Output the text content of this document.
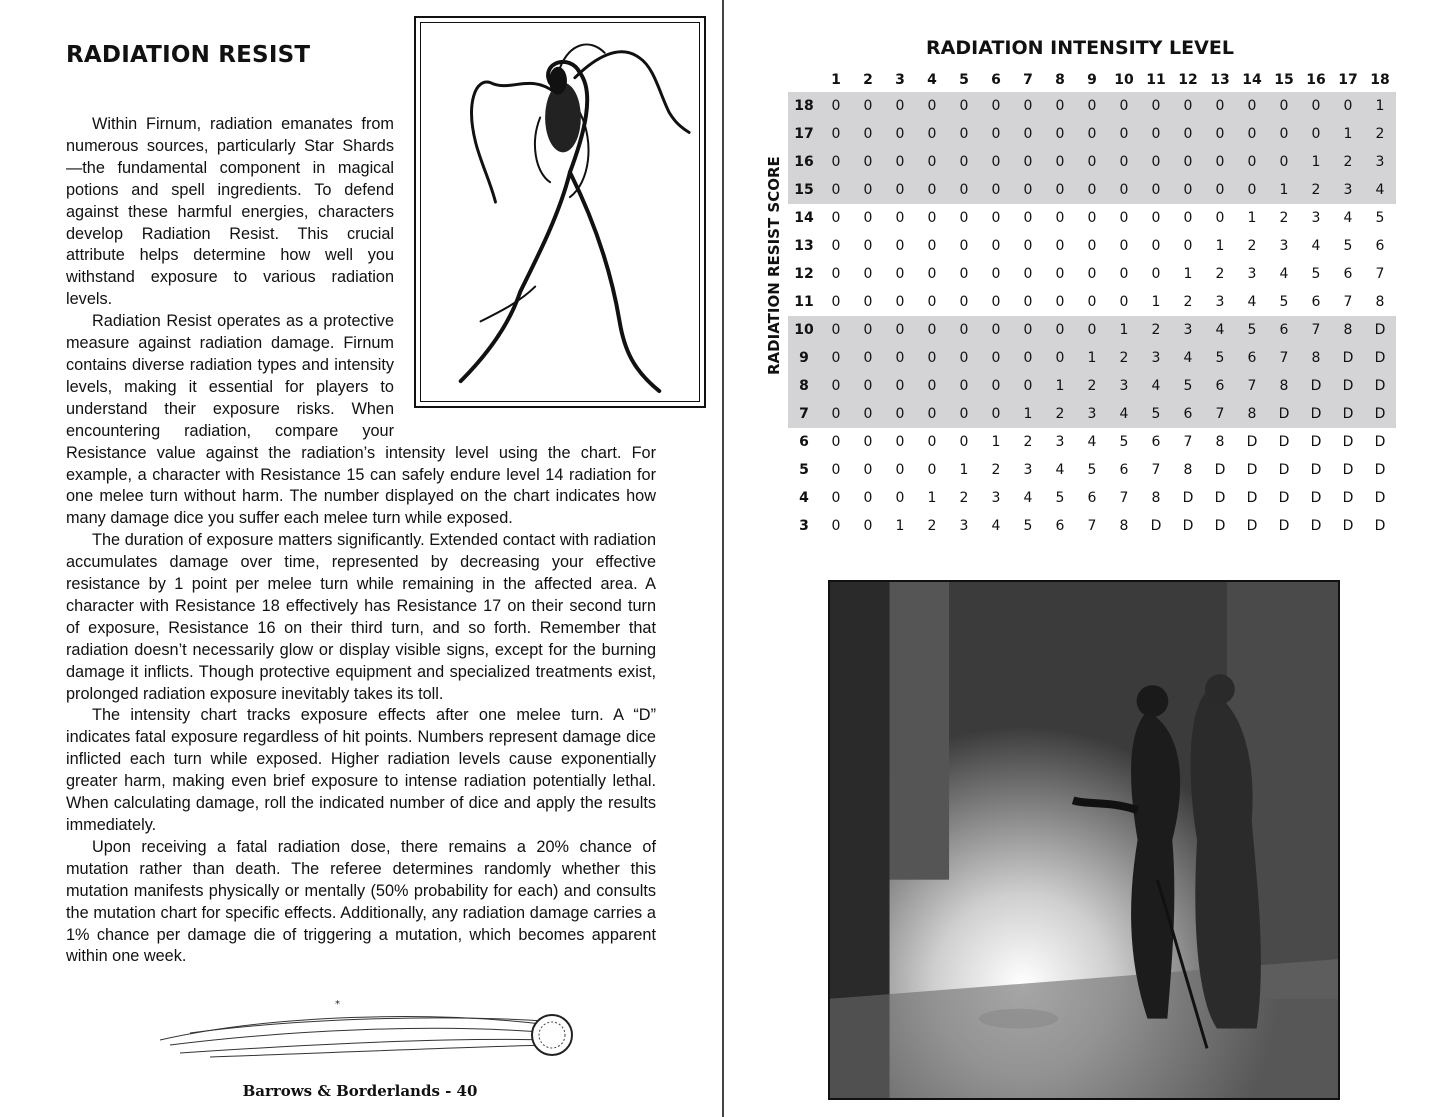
RADIATION RESIST

Within Firnum, radiation emanates from numerous sources, particularly Star Shards—the fundamental component in magical potions and spell ingredients. To defend against these harmful energies, characters develop Radiation Resist. This crucial attribute helps determine how well you withstand exposure to various radiation levels.

Radiation Resist operates as a protective measure against radiation damage. Firnum contains diverse radiation types and intensity levels, making it essential for players to understand their exposure risks. When encountering radiation, compare your Resistance value against the radiation’s intensity level using the chart. For example, a character with Resistance 15 can safely endure level 14 radiation for one melee turn without harm. The number displayed on the chart indicates how many damage dice you suffer each melee turn while exposed.

The duration of exposure matters significantly. Extended contact with radiation accumulates damage over time, represented by decreasing your effective resistance by 1 point per melee turn while remaining in the affected area. A character with Resistance 18 effectively has Resistance 17 on their second turn of exposure, Resistance 16 on their third turn, and so forth. Remember that radiation doesn’t necessarily glow or display visible signs, except for the burning damage it inflicts. Though protective equipment and specialized treatments exist, prolonged radiation exposure inevitably takes its toll.

The intensity chart tracks exposure effects after one melee turn. A “D” indicates fatal exposure regardless of hit points. Numbers represent damage dice inflicted each turn while exposed. Higher radiation levels cause exponentially greater harm, making even brief exposure to intense radiation potentially lethal. When calculating damage, roll the indicated number of dice and apply the results immediately.

Upon receiving a fatal radiation dose, there remains a 20% chance of mutation rather than death. The referee determines randomly whether this mutation manifests physically or mentally (50% probability for each) and consults the mutation chart for specific effects. Additionally, any radiation damage carries a 1% chance per damage die of triggering a mutation, which becomes apparent within one week.

*
Barrows & Borderlands - 40
RADIATION INTENSITY LEVEL
RADIATION RESIST SCORE
	1	2	3	4	5	6	7	8	9	10	11	12	13	14	15	16	17	18
18	0	0	0	0	0	0	0	0	0	0	0	0	0	0	0	0	0	1
17	0	0	0	0	0	0	0	0	0	0	0	0	0	0	0	0	1	2
16	0	0	0	0	0	0	0	0	0	0	0	0	0	0	0	1	2	3
15	0	0	0	0	0	0	0	0	0	0	0	0	0	0	1	2	3	4
14	0	0	0	0	0	0	0	0	0	0	0	0	0	1	2	3	4	5
13	0	0	0	0	0	0	0	0	0	0	0	0	1	2	3	4	5	6
12	0	0	0	0	0	0	0	0	0	0	0	1	2	3	4	5	6	7
11	0	0	0	0	0	0	0	0	0	0	1	2	3	4	5	6	7	8
10	0	0	0	0	0	0	0	0	0	1	2	3	4	5	6	7	8	D
9	0	0	0	0	0	0	0	0	1	2	3	4	5	6	7	8	D	D
8	0	0	0	0	0	0	0	1	2	3	4	5	6	7	8	D	D	D
7	0	0	0	0	0	0	1	2	3	4	5	6	7	8	D	D	D	D
6	0	0	0	0	0	1	2	3	4	5	6	7	8	D	D	D	D	D
5	0	0	0	0	1	2	3	4	5	6	7	8	D	D	D	D	D	D
4	0	0	0	1	2	3	4	5	6	7	8	D	D	D	D	D	D	D
3	0	0	1	2	3	4	5	6	7	8	D	D	D	D	D	D	D	D
